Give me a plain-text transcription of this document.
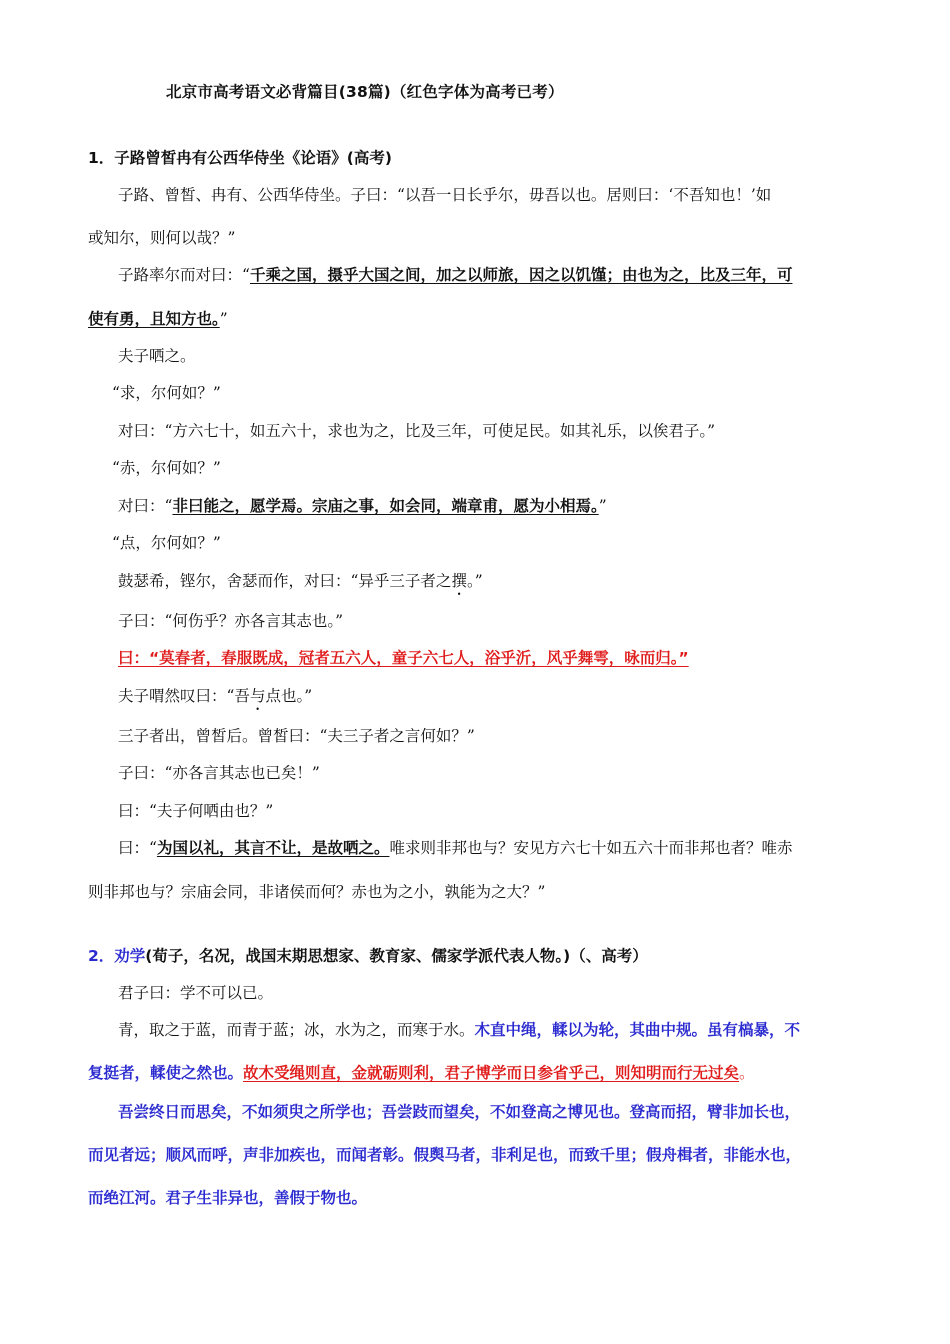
北京市高考语文必背篇目(38篇)（红色字体为高考已考）
1．子路曾皙冉有公西华侍坐《论语》(高考)
子路、曾皙、冉有、公西华侍坐。子曰：“以吾一日长乎尔，毋吾以也。居则曰：‘不吾知也！’如
或知尔，则何以哉？”
子路率尔而对曰：“千乘之国，摄乎大国之间，加之以师旅，因之以饥馑；由也为之，比及三年，可
使有勇，且知方也。”
夫子哂之。
“求，尔何如？”
对曰：“方六七十，如五六十，求也为之，比及三年，可使足民。如其礼乐，以俟君子。”
“赤，尔何如？”
对曰：“非曰能之，愿学焉。宗庙之事，如会同，端章甫，愿为小相焉。”
“点，尔何如？”
鼓瑟希，铿尔，舍瑟而作，对曰：“异乎三子者之撰。”
子曰：“何伤乎？亦各言其志也。”
曰：“莫春者，春服既成，冠者五六人，童子六七人，浴乎沂，风乎舞雩，咏而归。”
夫子喟然叹曰：“吾与点也。”
三子者出，曾皙后。曾皙曰：“夫三子者之言何如？”
子曰：“亦各言其志也已矣！”
曰：“夫子何哂由也？”
曰：“为国以礼，其言不让，是故哂之。唯求则非邦也与？安见方六七十如五六十而非邦也者？唯赤
则非邦也与？宗庙会同，非诸侯而何？赤也为之小，孰能为之大？”
2．劝学(荀子，名况，战国末期思想家、教育家、儒家学派代表人物。)（、高考）
君子曰：学不可以已。
青，取之于蓝，而青于蓝；冰，水为之，而寒于水。木直中绳，輮以为轮，其曲中规。虽有槁暴，不
复挺者，輮使之然也。故木受绳则直，金就砺则利，君子博学而日参省乎己，则知明而行无过矣。
吾尝终日而思矣，不如须臾之所学也；吾尝跂而望矣，不如登高之博见也。登高而招，臂非加长也，
而见者远；顺风而呼，声非加疾也，而闻者彰。假舆马者，非利足也，而致千里；假舟楫者，非能水也，
而绝江河。君子生非异也，善假于物也。
